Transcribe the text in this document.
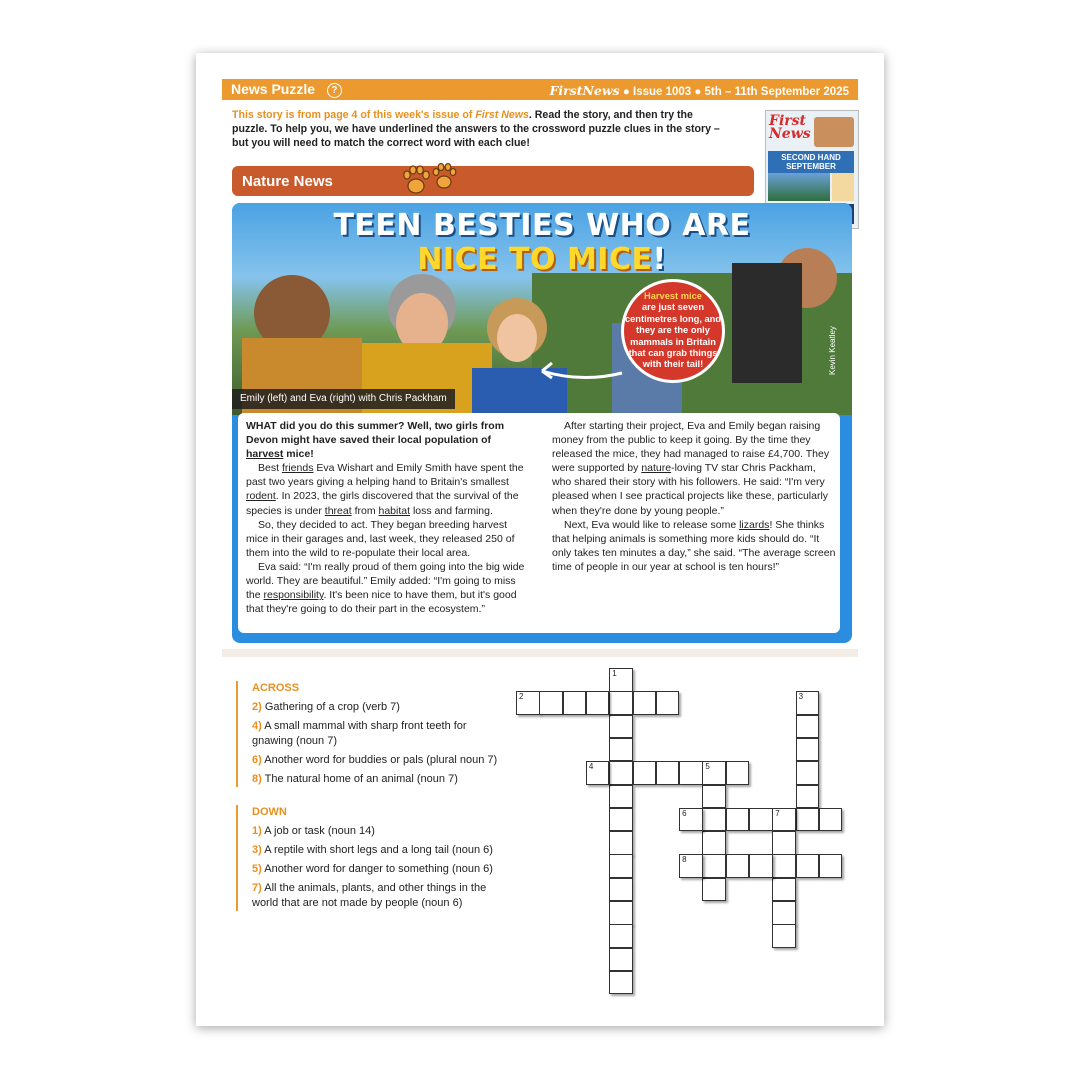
News Puzzle ?	FirstNews ● Issue 1003 ● 5th – 11th September 2025
This story is from page 4 of this week's issue of First News. Read the story, and then try the puzzle. To help you, we have underlined the answers to the crossword puzzle clues in the story – but you will need to match the correct word with each clue!
First
News
SECOND HAND SEPTEMBER
Nature News
TEEN BESTIES WHO ARE
NICE TO MICE!
Harvest mice
are just seven centimetres long, and they are the only mammals in Britain that can grab things with their tail!
Emily (left) and Eva (right) with Chris Packham
Kevin Keatley

WHAT did you do this summer? Well, two girls from Devon might have saved their local population of harvest mice!

Best friends Eva Wishart and Emily Smith have spent the past two years giving a helping hand to Britain's smallest rodent. In 2023, the girls discovered that the survival of the species is under threat from habitat loss and farming.

So, they decided to act. They began breeding harvest mice in their garages and, last week, they released 250 of them into the wild to re-populate their local area.

Eva said: “I'm really proud of them going into the big wide world. They are beautiful.” Emily added: “I'm going to miss the responsibility. It's been nice to have them, but it's good that they're going to do their part in the ecosystem.”

After starting their project, Eva and Emily began raising money from the public to keep it going. By the time they released the mice, they had managed to raise £4,700. They were supported by nature-loving TV star Chris Packham, who shared their story with his followers. He said: “I'm very pleased when I see practical projects like these, particularly when they're done by young people.”

Next, Eva would like to release some lizards! She thinks that helping animals is something more kids should do. “It only takes ten minutes a day,” she said. “The average screen time of people in our year at school is ten hours!”

ACROSS
2) Gathering of a crop (verb 7)
4) A small mammal with sharp front teeth for gnawing (noun 7)
6) Another word for buddies or pals (plural noun 7)
8) The natural home of an animal (noun 7)
DOWN
1) A job or task (noun 14)
3) A reptile with short legs and a long tail (noun 6)
5) Another word for danger to something (noun 6)
7) All the animals, plants, and other things in the world that are not made by people (noun 6)
1
2	3
4	5
6	7
8
